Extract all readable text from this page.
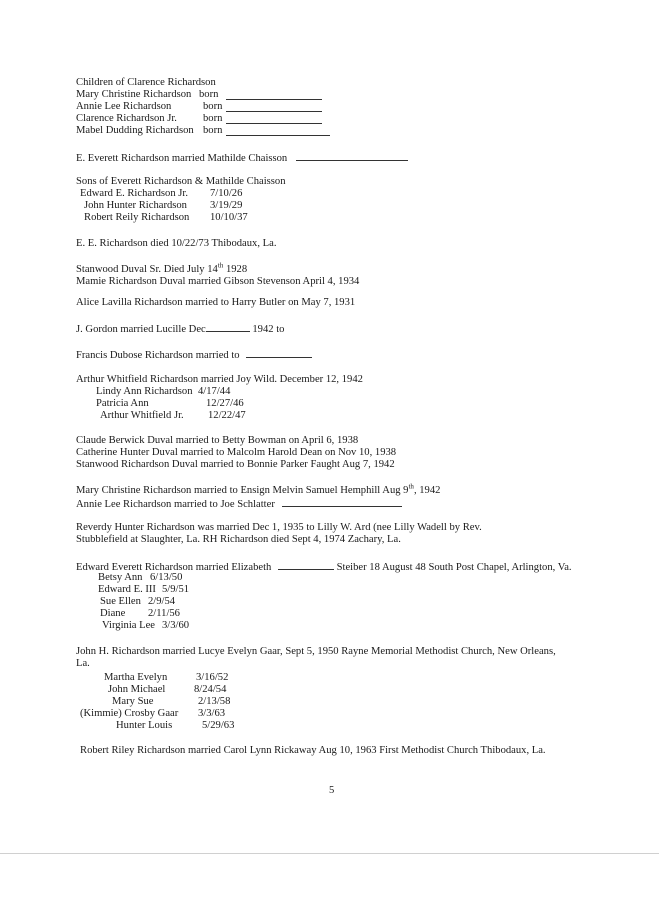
Children of Clarence Richardson
Mary Christine Richardson born
Annie Lee Richardson	born
Clarence Richardson Jr. born
Mabel Dudding Richardson born
E. Everett Richardson married Mathilde Chaisson
Sons of Everett Richardson & Mathilde Chaisson
Edward E. Richardson Jr. 7/10/26
John Hunter Richardson 3/19/29
Robert Reily Richardson 10/10/37
E. E. Richardson died 10/22/73 Thibodaux, La.
Stanwood Duval Sr. Died July 14th 1928
Mamie Richardson Duval married Gibson Stevenson April 4, 1934
Alice Lavilla Richardson married to Harry Butler on May 7, 1931
J. Gordon married Lucille Dec	1942 to
Francis Dubose Richardson married to
Arthur Whitfield Richardson married Joy Wild. December 12, 1942
Lindy Ann Richardson 4/17/44
Patricia Ann	12/27/46
Arthur Whitfield Jr. 12/22/47
Claude Berwick Duval married to Betty Bowman on April 6, 1938
Catherine Hunter Duval married to Malcolm Harold Dean on Nov 10, 1938
Stanwood Richardson Duval married to Bonnie Parker Faught Aug 7, 1942
Mary Christine Richardson married to Ensign Melvin Samuel Hemphill Aug 9th, 1942
Annie Lee Richardson married to Joe Schlatter
Reverdy Hunter Richardson was married Dec 1, 1935 to Lilly W. Ard (nee Lilly Wadell by Rev.
Stubblefield at Slaughter, La. RH Richardson died Sept 4, 1974 Zachary, La.
Edward Everett Richardson married Elizabeth	Steiber 18 August 48 South Post Chapel, Arlington, Va.
Betsy Ann 6/13/50
Edward E. III 5/9/51
Sue Ellen 2/9/54
Diane 2/11/56
Virginia Lee 3/3/60
John H. Richardson married Lucye Evelyn Gaar, Sept 5, 1950 Rayne Memorial Methodist Church, New Orleans,
La.
Martha Evelyn	3/16/52
John Michael	8/24/54
Mary Sue	2/13/58
(Kimmie) Crosby Gaar 3/3/63
Hunter Louis	5/29/63
Robert Riley Richardson married Carol Lynn Rickaway Aug 10, 1963 First Methodist Church Thibodaux, La.
5
